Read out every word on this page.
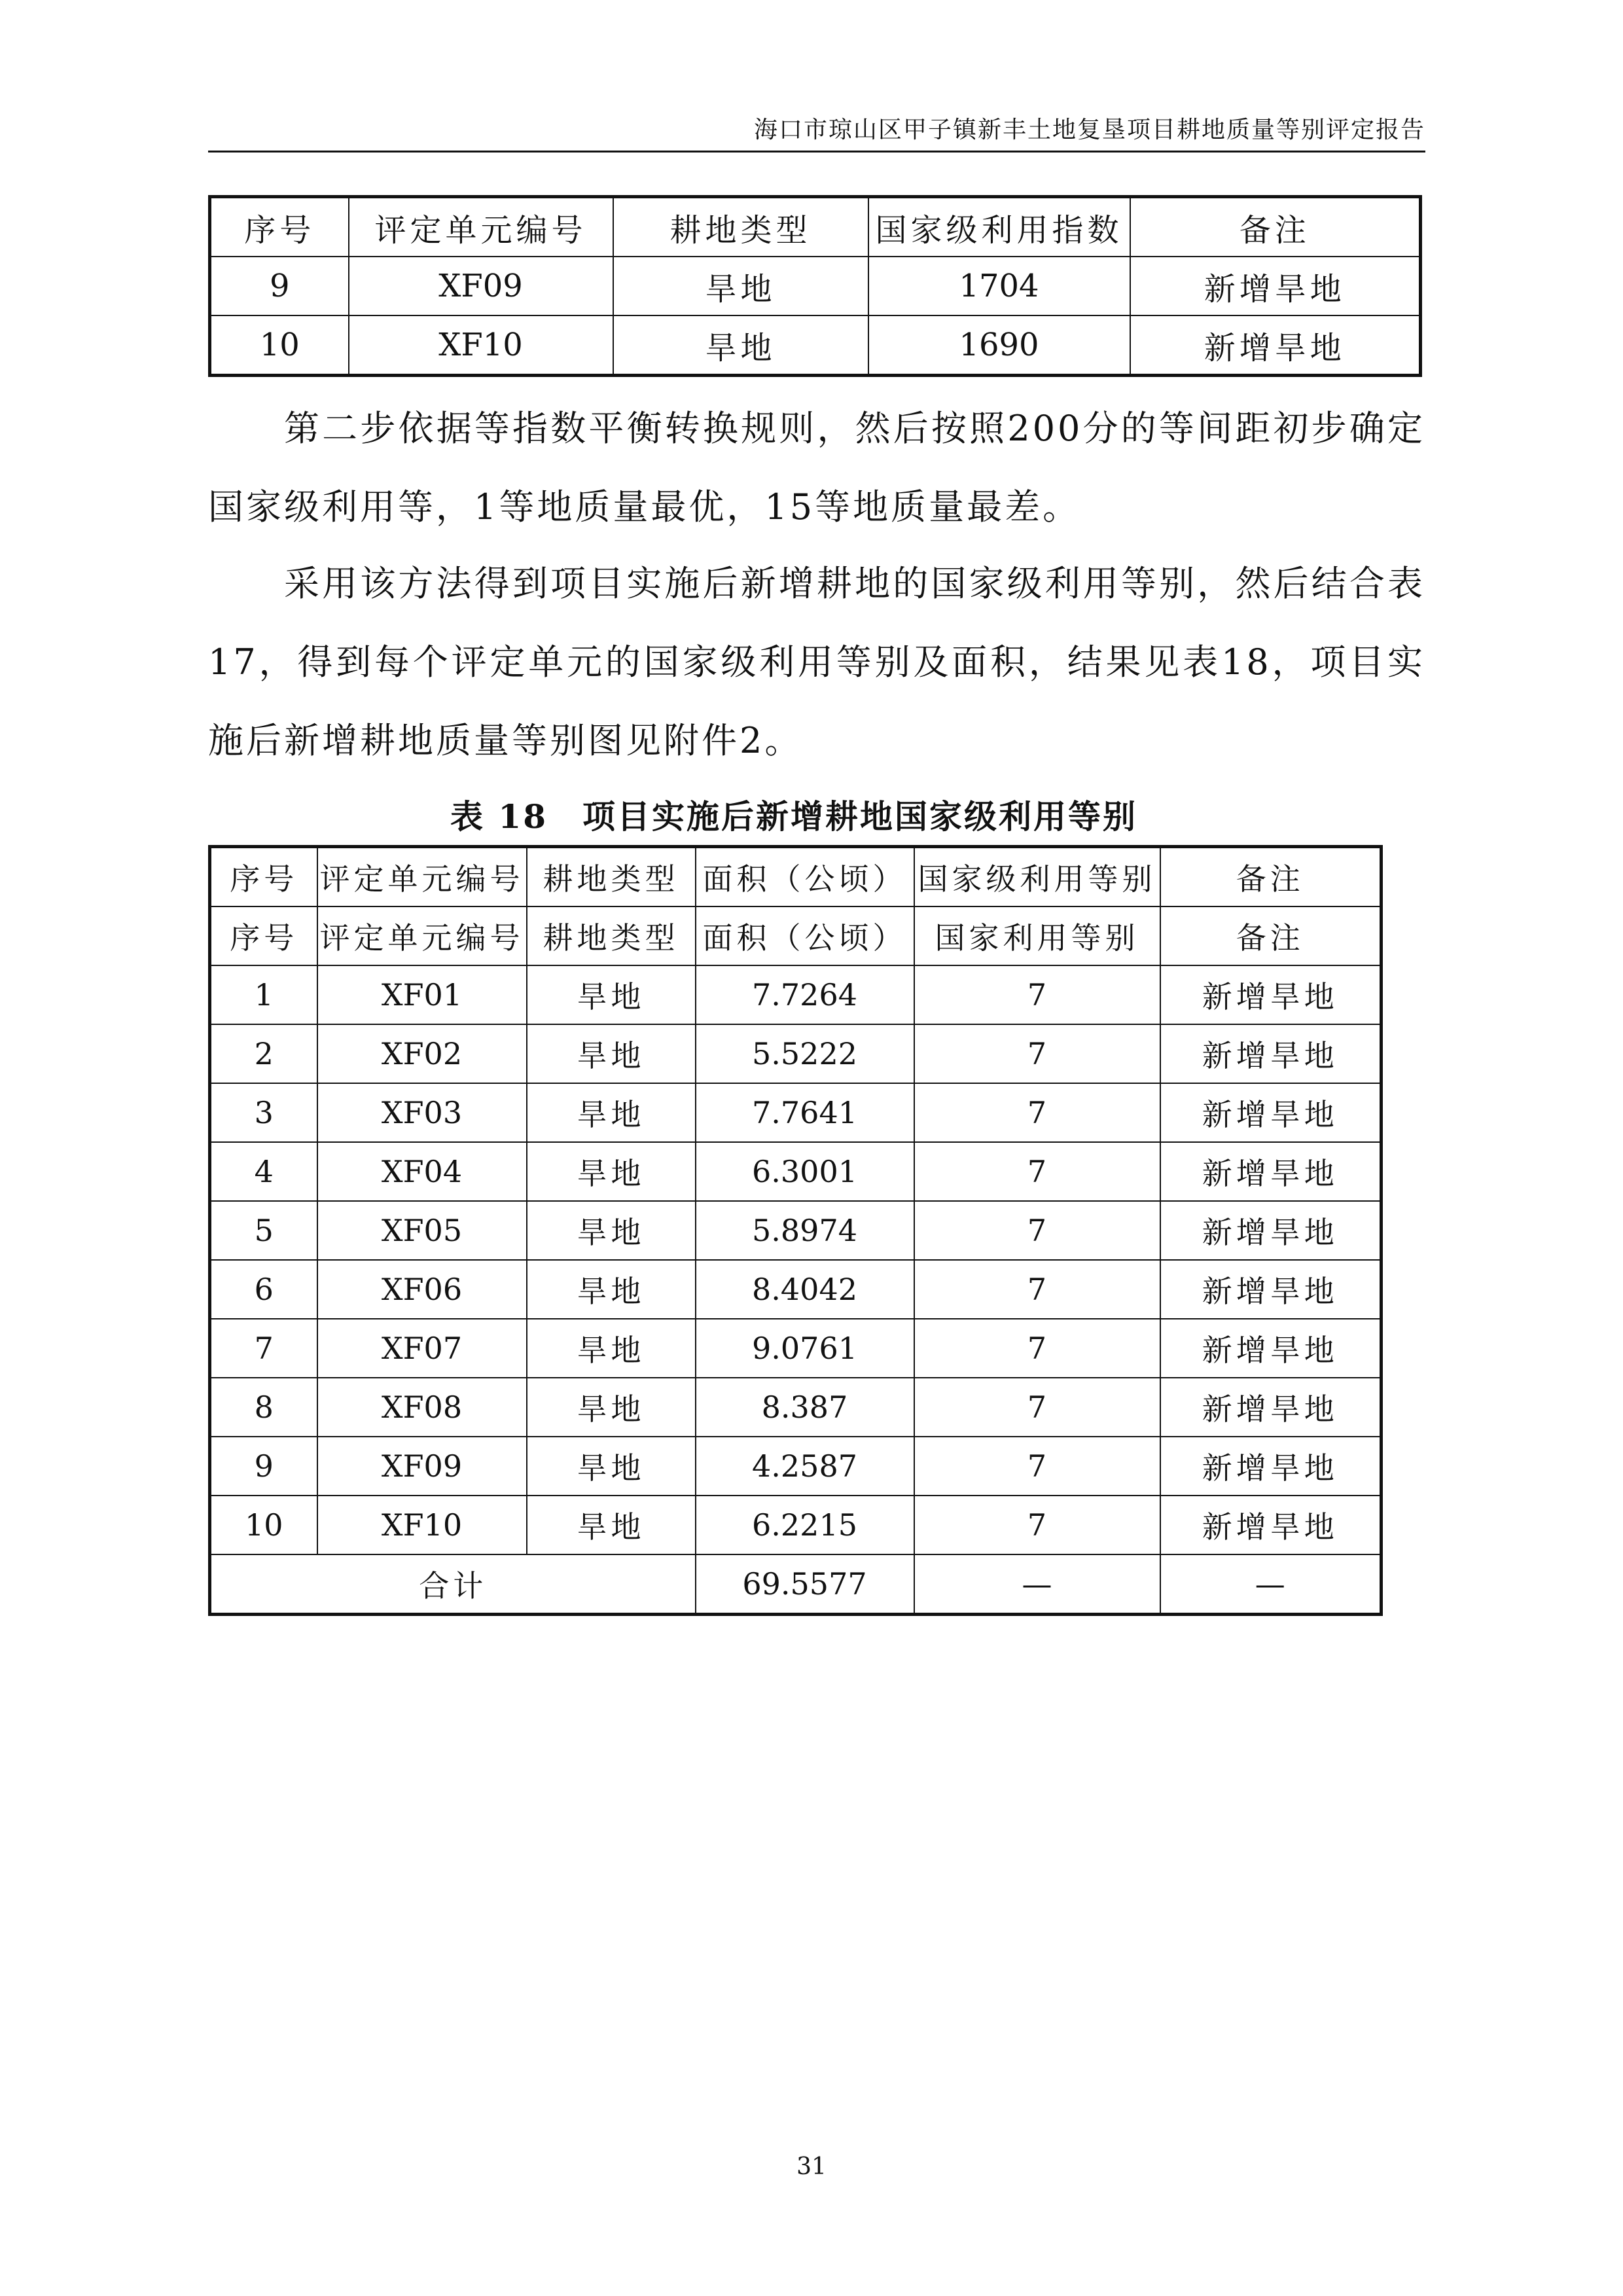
海口市琼山区甲子镇新丰土地复垦项目耕地质量等别评定报告
序号	评定单元编号	耕地类型	国家级利用指数	备注
9	XF09	旱地	1704	新增旱地
10	XF10	旱地	1690	新增旱地

第二步依据等指数平衡转换规则，然后按照200分的等间距初步确定国家级利用等，1等地质量最优，15等地质量最差。

采用该方法得到项目实施后新增耕地的国家级利用等别，然后结合表17，得到每个评定单元的国家级利用等别及面积，结果见表18，项目实施后新增耕地质量等别图见附件2。

表 18　项目实施后新增耕地国家级利用等别
序号	评定单元编号	耕地类型	面积（公顷）	国家级利用等别	备注
序号	评定单元编号	耕地类型	面积（公顷）	国家利用等别	备注
1	XF01	旱地	7.7264	7	新增旱地
2	XF02	旱地	5.5222	7	新增旱地
3	XF03	旱地	7.7641	7	新增旱地
4	XF04	旱地	6.3001	7	新增旱地
5	XF05	旱地	5.8974	7	新增旱地
6	XF06	旱地	8.4042	7	新增旱地
7	XF07	旱地	9.0761	7	新增旱地
8	XF08	旱地	8.387	7	新增旱地
9	XF09	旱地	4.2587	7	新增旱地
10	XF10	旱地	6.2215	7	新增旱地
合计			69.5577	—	—
31
